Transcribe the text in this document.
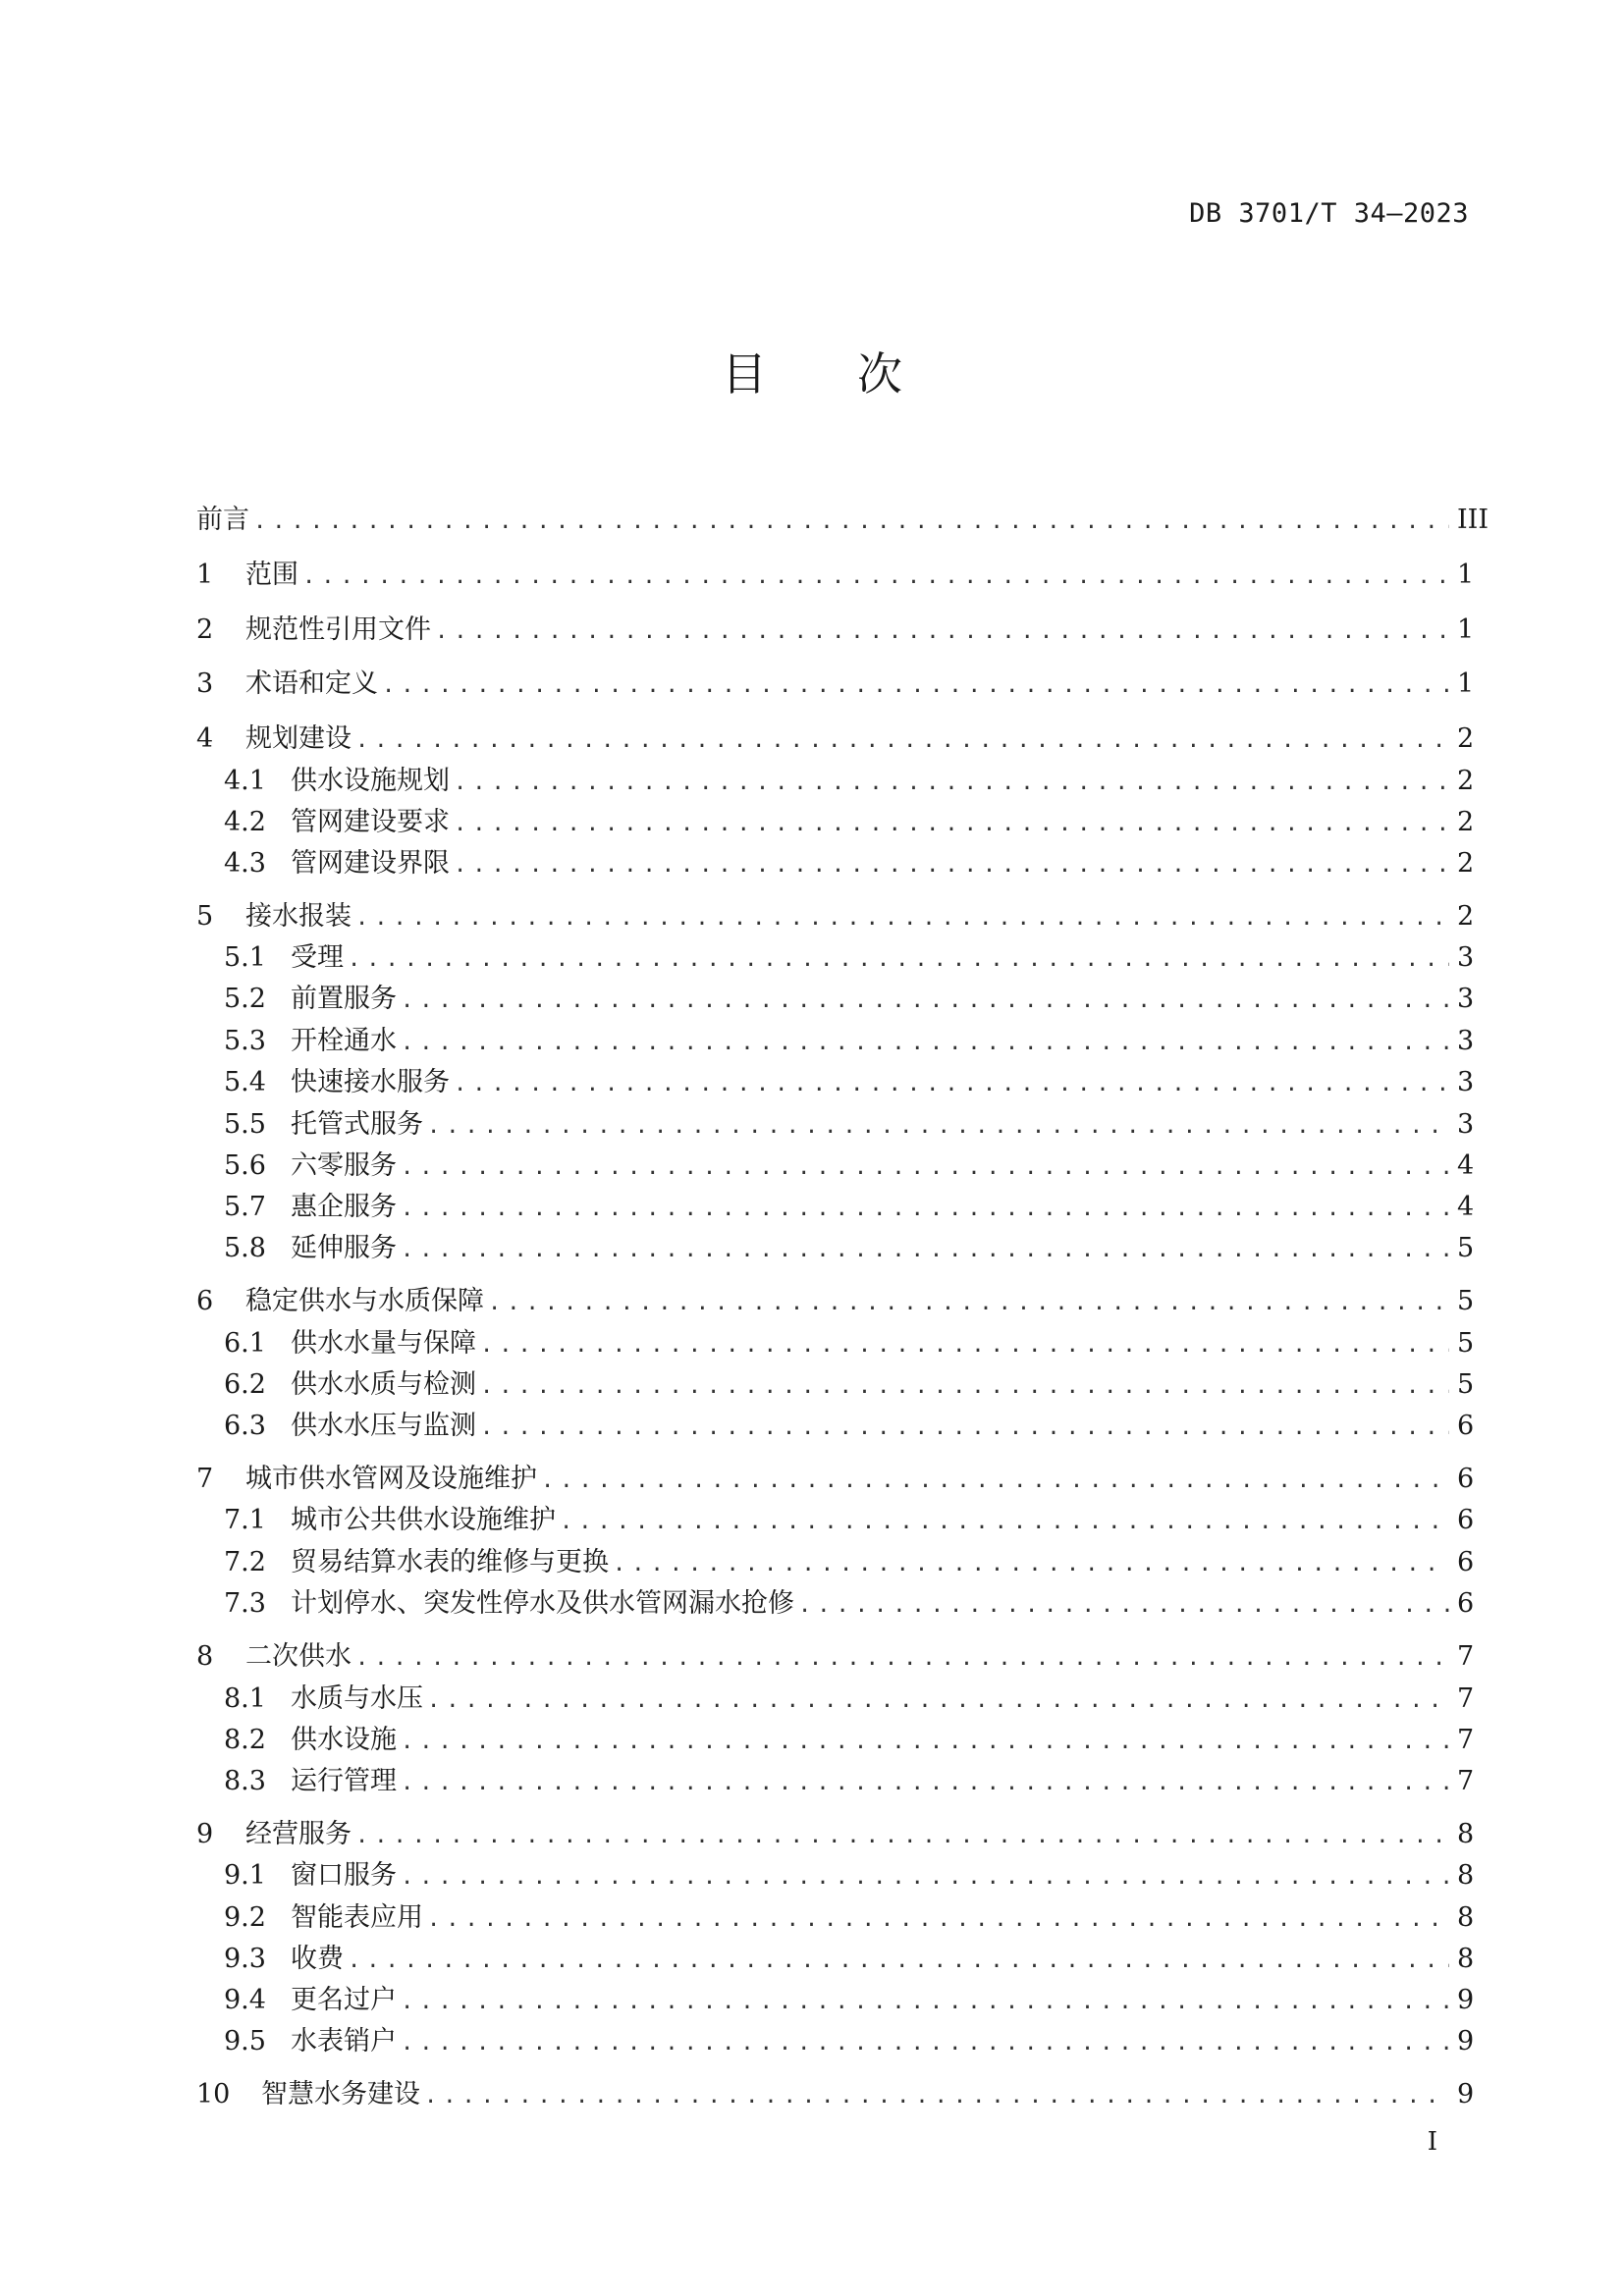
DB 3701/T 34—2023
目 次
前言 .....	III
1	范围 .....	1
2	规范性引用文件 .....	1
3	术语和定义 .....	1
4	规划建设 .....	2
4.1 供水设施规划 .....	2
4.2 管网建设要求 .....	2
4.3 管网建设界限 .....	2
5	接水报装 .....	2
5.1 受理 .....	3
5.2 前置服务 .....	3
5.3 开栓通水 .....	3
5.4 快速接水服务 .....	3
5.5 托管式服务 .....	3
5.6 六零服务 .....	4
5.7 惠企服务 .....	4
5.8 延伸服务 .....	5
6	稳定供水与水质保障 .....	5
6.1 供水水量与保障 .....	5
6.2 供水水质与检测 .....	5
6.3 供水水压与监测 .....	6
7	城市供水管网及设施维护 .....	6
7.1 城市公共供水设施维护 .....	6
7.2 贸易结算水表的维修与更换 .....	6
7.3 计划停水、突发性停水及供水管网漏水抢修 .....	6
8	二次供水 .....	7
8.1 水质与水压 .....	7
8.2 供水设施 .....	7
8.3 运行管理 .....	7
9	经营服务 .....	8
9.1 窗口服务 .....	8
9.2 智能表应用 .....	8
9.3 收费 .....	8
9.4 更名过户 .....	9
9.5 水表销户 .....	9
10	智慧水务建设 .....	9
I
